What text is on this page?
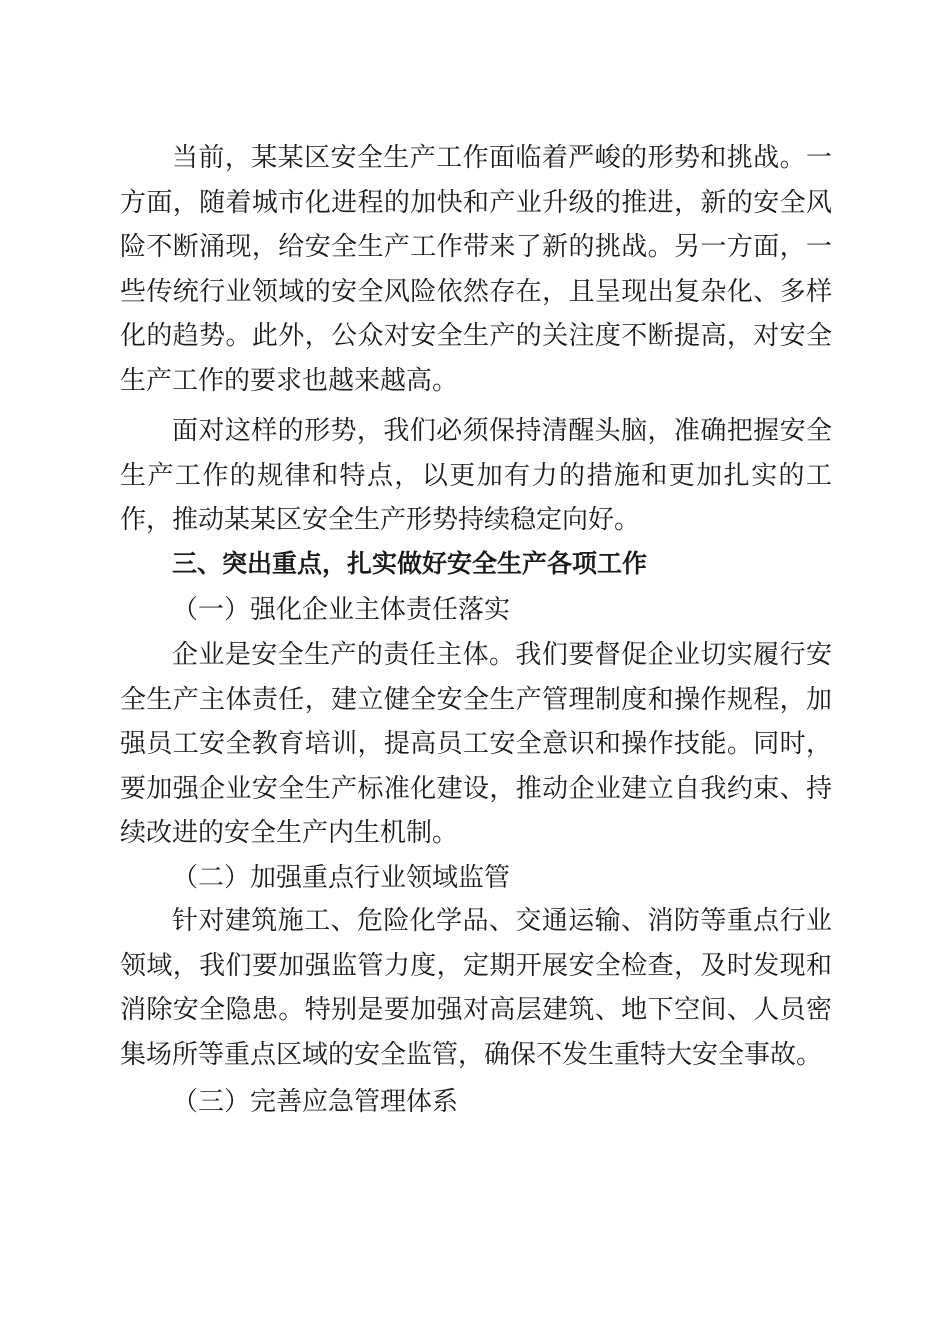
当前，某某区安全生产工作面临着严峻的形势和挑战。一方面，随着城市化进程的加快和产业升级的推进，新的安全风险不断涌现，给安全生产工作带来了新的挑战。另一方面，一些传统行业领域的安全风险依然存在，且呈现出复杂化、多样化的趋势。此外，公众对安全生产的关注度不断提高，对安全生产工作的要求也越来越高。

面对这样的形势，我们必须保持清醒头脑，准确把握安全生产工作的规律和特点，以更加有力的措施和更加扎实的工作，推动某某区安全生产形势持续稳定向好。

三、突出重点，扎实做好安全生产各项工作
（一）强化企业主体责任落实

企业是安全生产的责任主体。我们要督促企业切实履行安全生产主体责任，建立健全安全生产管理制度和操作规程，加强员工安全教育培训，提高员工安全意识和操作技能。同时，要加强企业安全生产标准化建设，推动企业建立自我约束、持续改进的安全生产内生机制。

（二）加强重点行业领域监管

针对建筑施工、危险化学品、交通运输、消防等重点行业领域，我们要加强监管力度，定期开展安全检查，及时发现和消除安全隐患。特别是要加强对高层建筑、地下空间、人员密集场所等重点区域的安全监管，确保不发生重特大安全事故。

（三）完善应急管理体系
